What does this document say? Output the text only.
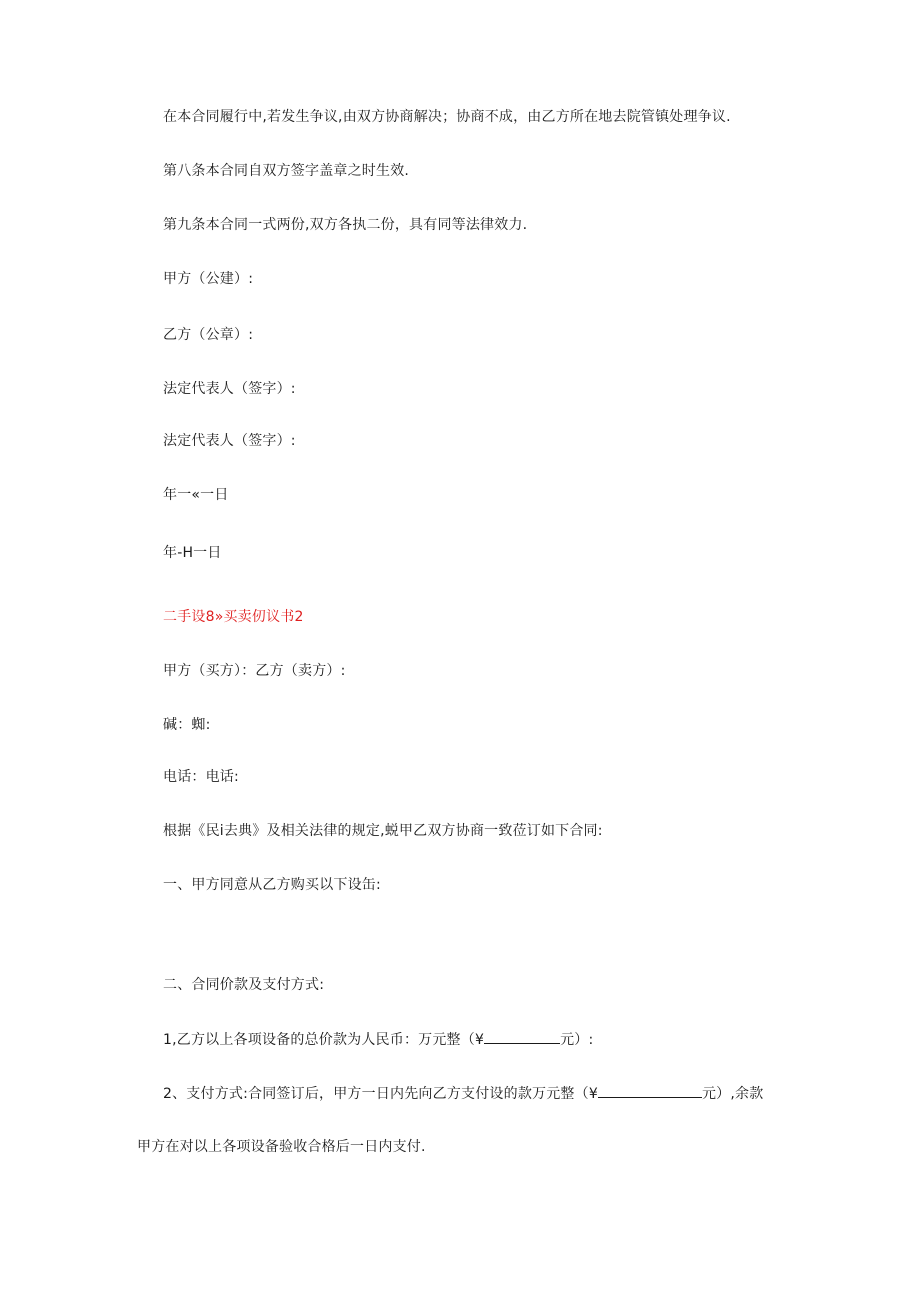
在本合同履行中,若发生争议,由双方协商解决；协商不成，由乙方所在地去院管镇处理争议.
第八条本合同自双方签字盖章之时生效.
第九条本合同一式两份,双方各执二份，具有同等法律效力.
甲方（公建）:
乙方（公章）:
法定代表人（签字）:
法定代表人（签字）:
年一«一日
年-H一日
二手设8»买卖仞议书2
甲方（买方）：乙方（卖方）:
碱：蜘:
电话：电话:
根据《民i去典》及相关法律的规定,蜕甲乙双方协商一致莅订如下合同:
一、甲方同意从乙方购买以下设缶:
二、合同价款及支付方式:
1,乙方以上各项设备的总价款为人民币：万元整（¥	元）:
2、支付方式:合同签订后，甲方一日内先向乙方支付设的款万元整（¥	元）,余款
甲方在对以上各项设备验收合格后一日内支付.
